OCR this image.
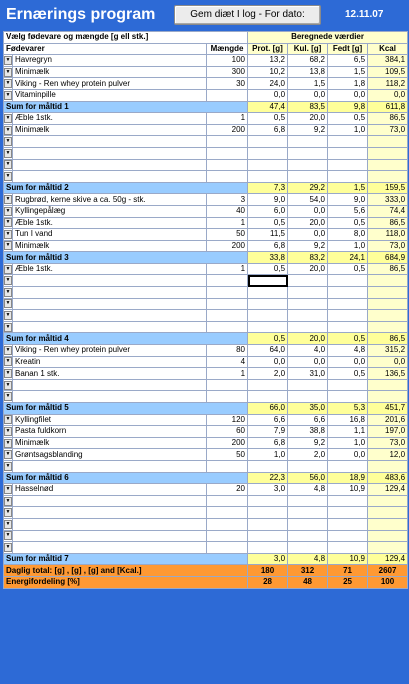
Ernærings program	Gem diæt I log - For dato:	12.11.07
Vælg fødevare og mængde [g ell stk.]			Beregnede værdier			
Fødevarer		Mængde	Prot. [g]	Kul. [g]	Fedt [g]	Kcal

▼	Havregryn	100	13,2	68,2	6,5	384,1

▼	Minimælk	300	10,2	13,8	1,5	109,5

▼	Viking - Ren whey protein pulver	30	24,0	1,5	1,8	118,2

▼	Vitaminpille		0,0	0,0	0,0	0,0
Sum for måltid 1			47,4	83,5	9,8	611,8

▼	Æble 1stk.	1	0,5	20,0	0,5	86,5

▼	Minimælk	200	6,8	9,2	1,0	73,0

▼						

▼						

▼						

▼						

Sum for måltid 2			7,3	29,2	1,5	159,5

▼	Rugbrød, kerne skive a ca. 50g - stk.	3	9,0	54,0	9,0	333,0

▼	Kyllingepålæg	40	6,0	0,0	5,6	74,4

▼	Æble 1stk.	1	0,5	20,0	0,5	86,5

▼	Tun I vand	50	11,5	0,0	8,0	118,0

▼	Minimælk	200	6,8	9,2	1,0	73,0
Sum for måltid 3			33,8	83,2	24,1	684,9

▼	Æble 1stk.	1	0,5	20,0	0,5	86,5

▼						

▼						

▼						

▼						

▼						

Sum for måltid 4			0,5	20,0	0,5	86,5

▼	Viking - Ren whey protein pulver	80	64,0	4,0	4,8	315,2

▼	Kreatin	4	0,0	0,0	0,0	0,0

▼	Banan 1 stk.	1	2,0	31,0	0,5	136,5

▼						

▼						

Sum for måltid 5			66,0	35,0	5,3	451,7

▼	Kyllingfilet	120	6,6	6,6	16,8	201,6

▼	Pasta fuldkorn	60	7,9	38,8	1,1	197,0

▼	Minimælk	200	6,8	9,2	1,0	73,0

▼	Grøntsagsblanding	50	1,0	2,0	0,0	12,0

▼						

Sum for måltid 6			22,3	56,0	18,9	483,6

▼	Hasselnød	20	3,0	4,8	10,9	129,4

▼						

▼						

▼						

▼						

▼						

Sum for måltid 7			3,0	4,8	10,9	129,4
Daglig total: [g] , [g] , [g] and [Kcal.]			180	312	71	2607
Energifordeling [%]			28	48	25	100
